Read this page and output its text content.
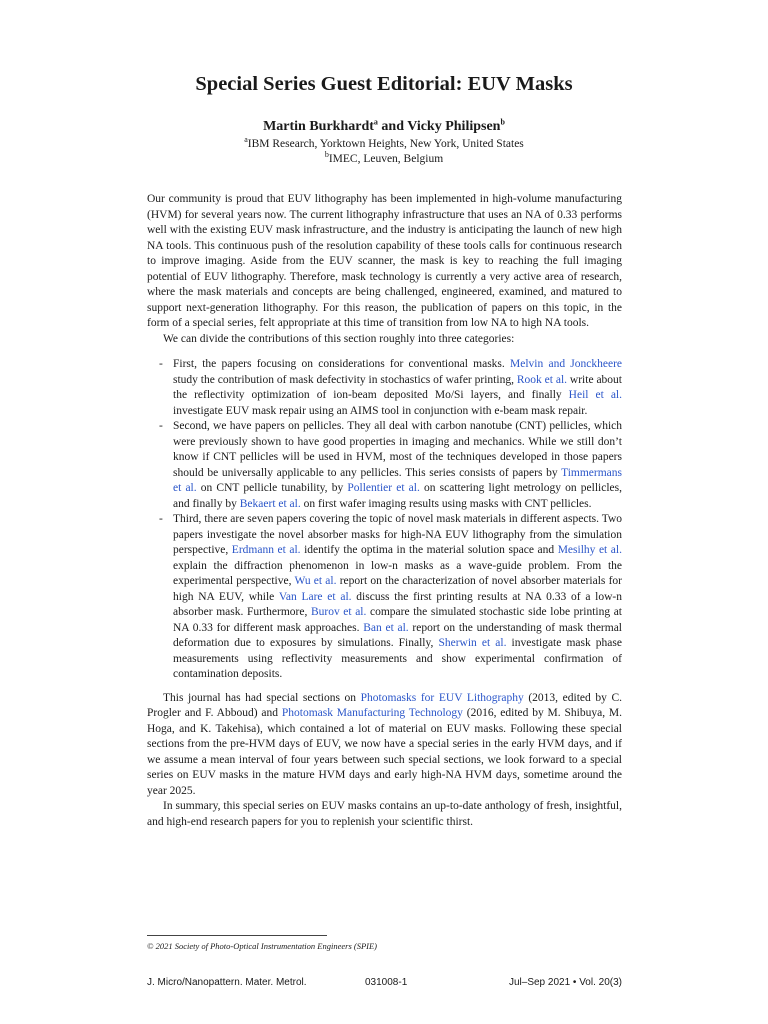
Special Series Guest Editorial: EUV Masks
Martin Burkhardt$^a$ and Vicky Philipsen$^b$
$^a$IBM Research, Yorktown Heights, New York, United States
$^b$IMEC, Leuven, Belgium

Our community is proud that EUV lithography has been implemented in high-volume manufacturing (HVM) for several years now. The current lithography infrastructure that uses an NA of 0.33 performs well with the existing EUV mask infrastructure, and the industry is anticipating the launch of new high NA tools. This continuous push of the resolution capability of these tools calls for continuous research to improve imaging. Aside from the EUV scanner, the mask is key to reaching the full imaging potential of EUV lithography. Therefore, mask technology is currently a very active area of research, where the mask materials and concepts are being challenged, engineered, examined, and matured to support next-generation lithography. For this reason, the publication of papers on this topic, in the form of a special series, felt appropriate at this time of transition from low NA to high NA tools.

We can divide the contributions of this section roughly into three categories:

- First, the papers focusing on considerations for conventional masks. Melvin and Jonckheere study the contribution of mask defectivity in stochastics of wafer printing, Rook et al. write about the reflectivity optimization of ion-beam deposited Mo/Si layers, and finally Heil et al. investigate EUV mask repair using an AIMS tool in conjunction with e-beam mask repair.
- Second, we have papers on pellicles. They all deal with carbon nanotube (CNT) pellicles, which were previously shown to have good properties in imaging and mechanics. While we still don’t know if CNT pellicles will be used in HVM, most of the techniques developed in those papers should be universally applicable to any pellicles. This series consists of papers by Timmermans et al. on CNT pellicle tunability, by Pollentier et al. on scattering light metrology on pellicles, and finally by Bekaert et al. on first wafer imaging results using masks with CNT pellicles.
- Third, there are seven papers covering the topic of novel mask materials in different aspects. Two papers investigate the novel absorber masks for high-NA EUV lithography from the simulation perspective, Erdmann et al. identify the optima in the material solution space and Mesilhy et al. explain the diffraction phenomenon in low-n masks as a wave-guide problem. From the experimental perspective, Wu et al. report on the characterization of novel absorber materials for high NA EUV, while Van Lare et al. discuss the first printing results at NA 0.33 of a low-n absorber mask. Furthermore, Burov et al. compare the simulated stochastic side lobe printing at NA 0.33 for different mask approaches. Ban et al. report on the understanding of mask thermal deformation due to exposures by simulations. Finally, Sherwin et al. investigate mask phase measurements using reflectivity measurements and show experimental confirmation of contamination deposits.

This journal has had special sections on Photomasks for EUV Lithography (2013, edited by C. Progler and F. Abboud) and Photomask Manufacturing Technology (2016, edited by M. Shibuya, M. Hoga, and K. Takehisa), which contained a lot of material on EUV masks. Following these special sections from the pre-HVM days of EUV, we now have a special series in the early HVM days, and if we assume a mean interval of four years between such special sections, we look forward to a special series on EUV masks in the mature HVM days and early high-NA HVM days, sometime around the year 2025.

In summary, this special series on EUV masks contains an up-to-date anthology of fresh, insightful, and high-end research papers for you to replenish your scientific thirst.

© 2021 Society of Photo-Optical Instrumentation Engineers (SPIE)
J. Micro/Nanopattern. Mater. Metrol.	031008-1	Jul–Sep 2021 • Vol. 20(3)
